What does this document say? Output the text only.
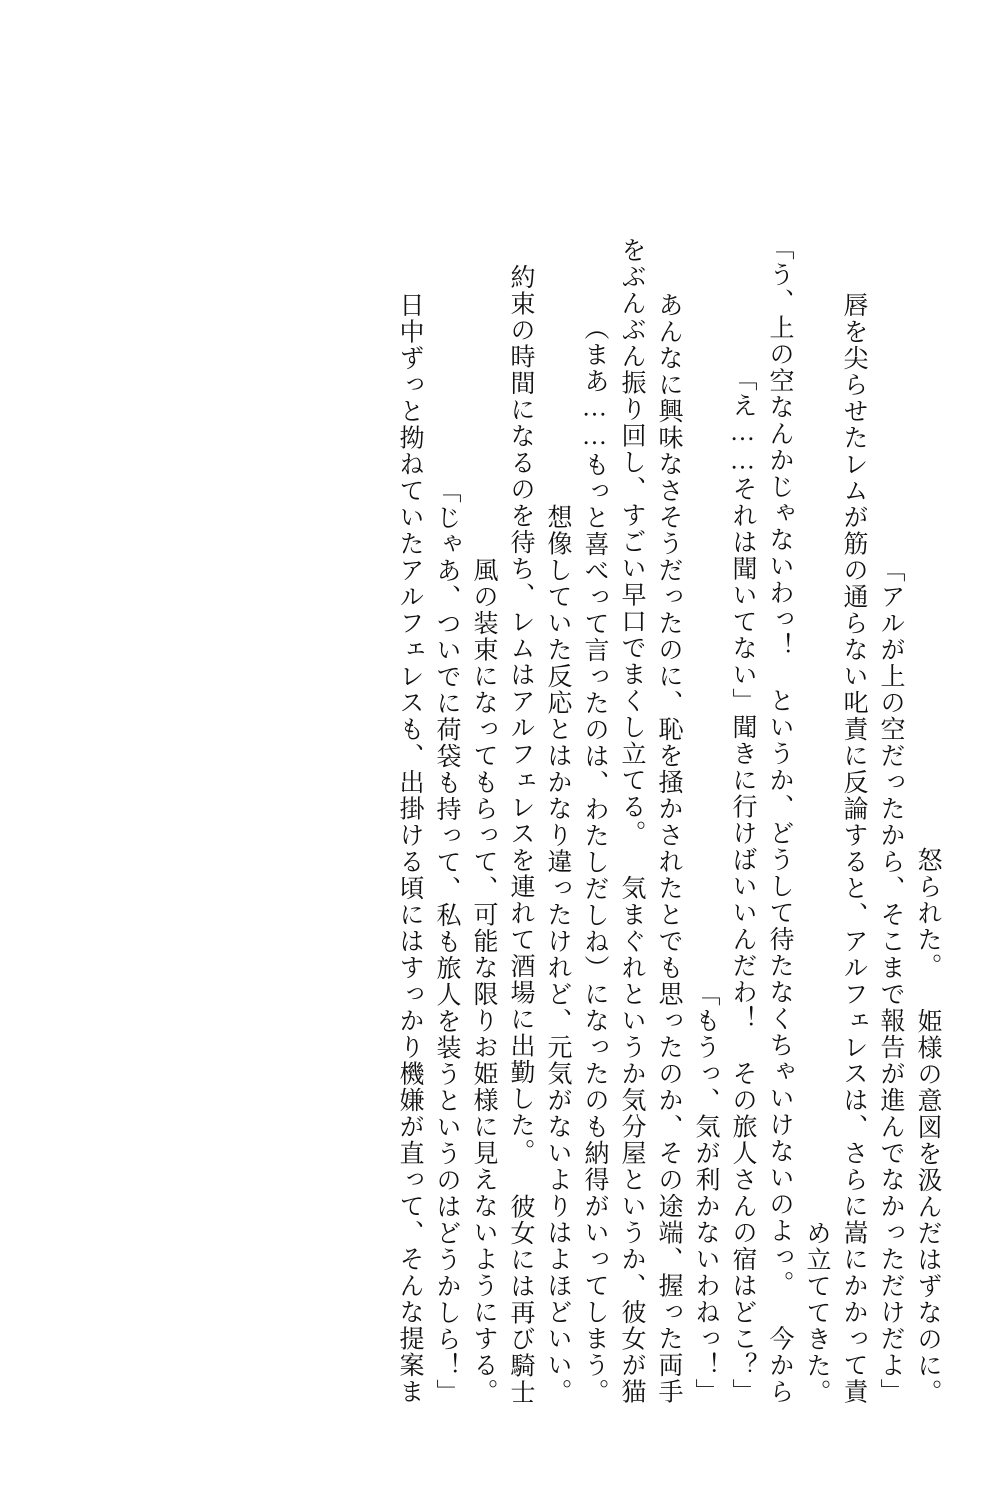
怒られた。 姫様の意図を汲んだはずなのに。
「アルが上の空だったから、そこまで報告が進んでなかっただけだよ」
唇を尖らせたレムが筋の通らない叱責に反論すると、アルフェレスは、さらに嵩にかかって責
め立ててきた。
「う、上の空なんかじゃないわっ！ というか、どうして待たなくちゃいけないのよっ。 今から
聞きに行けばいいんだわ！ その旅人さんの宿はどこ？」
「え……それは聞いてない」
「もうっ、気が利かないわねっ！」
あんなに興味なさそうだったのに、恥を掻かされたとでも思ったのか、その途端、握った両手
をぶんぶん振り回し、すごい早口でまくし立てる。 気まぐれというか気分屋というか、彼女が猫
になったのも納得がいってしまう。
（まあ……もっと喜べって言ったのは、わたしだしね）
想像していた反応とはかなり違ったけれど、元気がないよりはよほどいい。
約束の時間になるのを待ち、レムはアルフェレスを連れて酒場に出勤した。 彼女には再び騎士
風の装束になってもらって、可能な限りお姫様に見えないようにする。
「じゃあ、ついでに荷袋も持って、私も旅人を装うというのはどうかしら！」
日中ずっと拗ねていたアルフェレスも、出掛ける頃にはすっかり機嫌が直って、そんな提案ま
